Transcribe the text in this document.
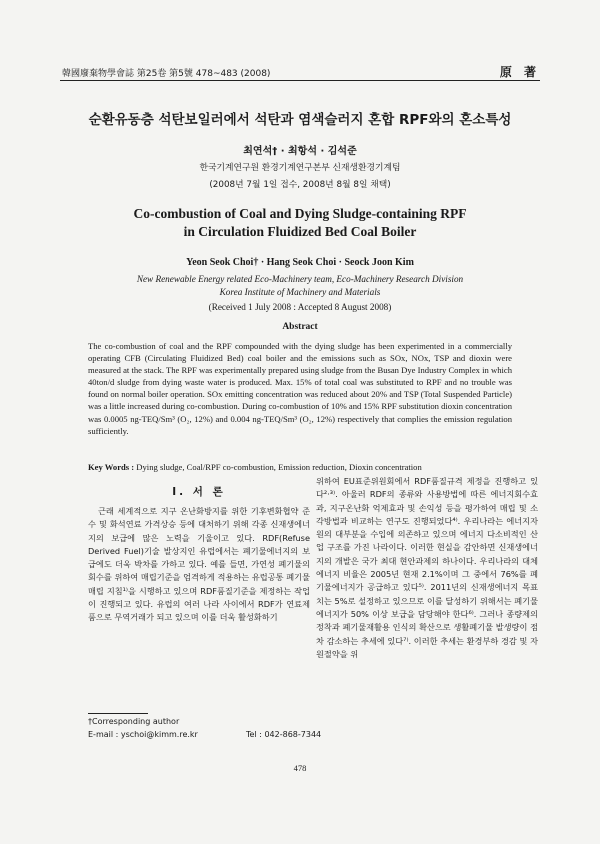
韓國廢棄物學會誌 第25卷 第5號 478~483 (2008)	原 著
순환유동층 석탄보일러에서 석탄과 염색슬러지 혼합 RPF와의 혼소특성
최연석† · 최항석 · 김석준
한국기계연구원 환경기계연구본부 신재생환경기계팀
(2008년 7월 1일 접수, 2008년 8월 8일 채택)
Co-combustion of Coal and Dying Sludge-containing RPF
in Circulation Fluidized Bed Coal Boiler
Yeon Seok Choi† · Hang Seok Choi · Seock Joon Kim
New Renewable Energy related Eco-Machinery team, Eco-Machinery Research Division
Korea Institute of Machinery and Materials
(Received 1 July 2008 : Accepted 8 August 2008)
Abstract
The co-combustion of coal and the RPF compounded with the dying sludge has been experimented in a commercially operating CFB (Circulating Fluidized Bed) coal boiler and the emissions such as SOx, NOx, TSP and dioxin were measured at the stack. The RPF was experimentally prepared using sludge from the Busan Dye Industry Complex in which 40ton/d sludge from dying waste water is produced. Max. 15% of total coal was substituted to RPF and no trouble was found on normal boiler operation. SOx emitting concentration was reduced about 20% and TSP (Total Suspended Particle) was a little increased during co-combustion. During co-combustion of 10% and 15% RPF substitution dioxin concentration was 0.0005 ng-TEQ/Sm³ (O₂, 12%) and 0.004 ng-TEQ/Sm³ (O₂, 12%) respectively that complies the emission regulation sufficiently.
Key Words : Dying sludge, Coal/RPF co-combustion, Emission reduction, Dioxin concentration
I. 서 론

근래 세계적으로 지구 온난화방지를 위한 기후변화협약 준수 및 화석연료 가격상승 등에 대처하기 위해 각종 신재생에너지의 보급에 많은 노력을 기울이고 있다. RDF(Refuse Derived Fuel)기술 발상지인 유럽에서는 폐기물에너지의 보급에도 더욱 박차를 가하고 있다. 예를 들면, 가연성 폐기물의 회수를 위하여 매립기준을 엄격하게 적용하는 유럽공통 폐기물매립 지침¹⁾을 시행하고 있으며 RDF품질기준을 제정하는 작업이 진행되고 있다. 유럽의 여러 나라 사이에서 RDF가 연료제품으로 무역거래가 되고 있으며 이를 더욱 활성화하기

위하여 EU표준위원회에서 RDF품질규격 제정을 진행하고 있다²·³⁾. 아울러 RDF의 종류와 사용방법에 따른 에너지회수효과, 지구온난화 억제효과 및 손익성 등을 평가하여 매립 및 소각방법과 비교하는 연구도 진행되었다⁴⁾. 우리나라는 에너지자원의 대부분을 수입에 의존하고 있으며 에너지 다소비적인 산업 구조를 가진 나라이다. 이러한 현실을 감안하면 신재생에너지의 개발은 국가 최대 현안과제의 하나이다. 우리나라의 대체에너지 비율은 2005년 현재 2.1%이며 그 중에서 76%를 폐기물에너지가 공급하고 있다⁵⁾. 2011년의 신재생에너지 목표치는 5%로 설정하고 있으므로 이를 달성하기 위해서는 폐기물에너지가 50% 이상 보급을 담당해야 한다⁶⁾. 그러나 종량제의 정착과 폐기물재활용 인식의 확산으로 생활폐기물 발생량이 점차 감소하는 추세에 있다⁷⁾. 이러한 추세는 환경부하 경감 및 자원절약을 위

†Corresponding author
E-mail : yschoi@kimm.re.kr	Tel : 042-868-7344
478
